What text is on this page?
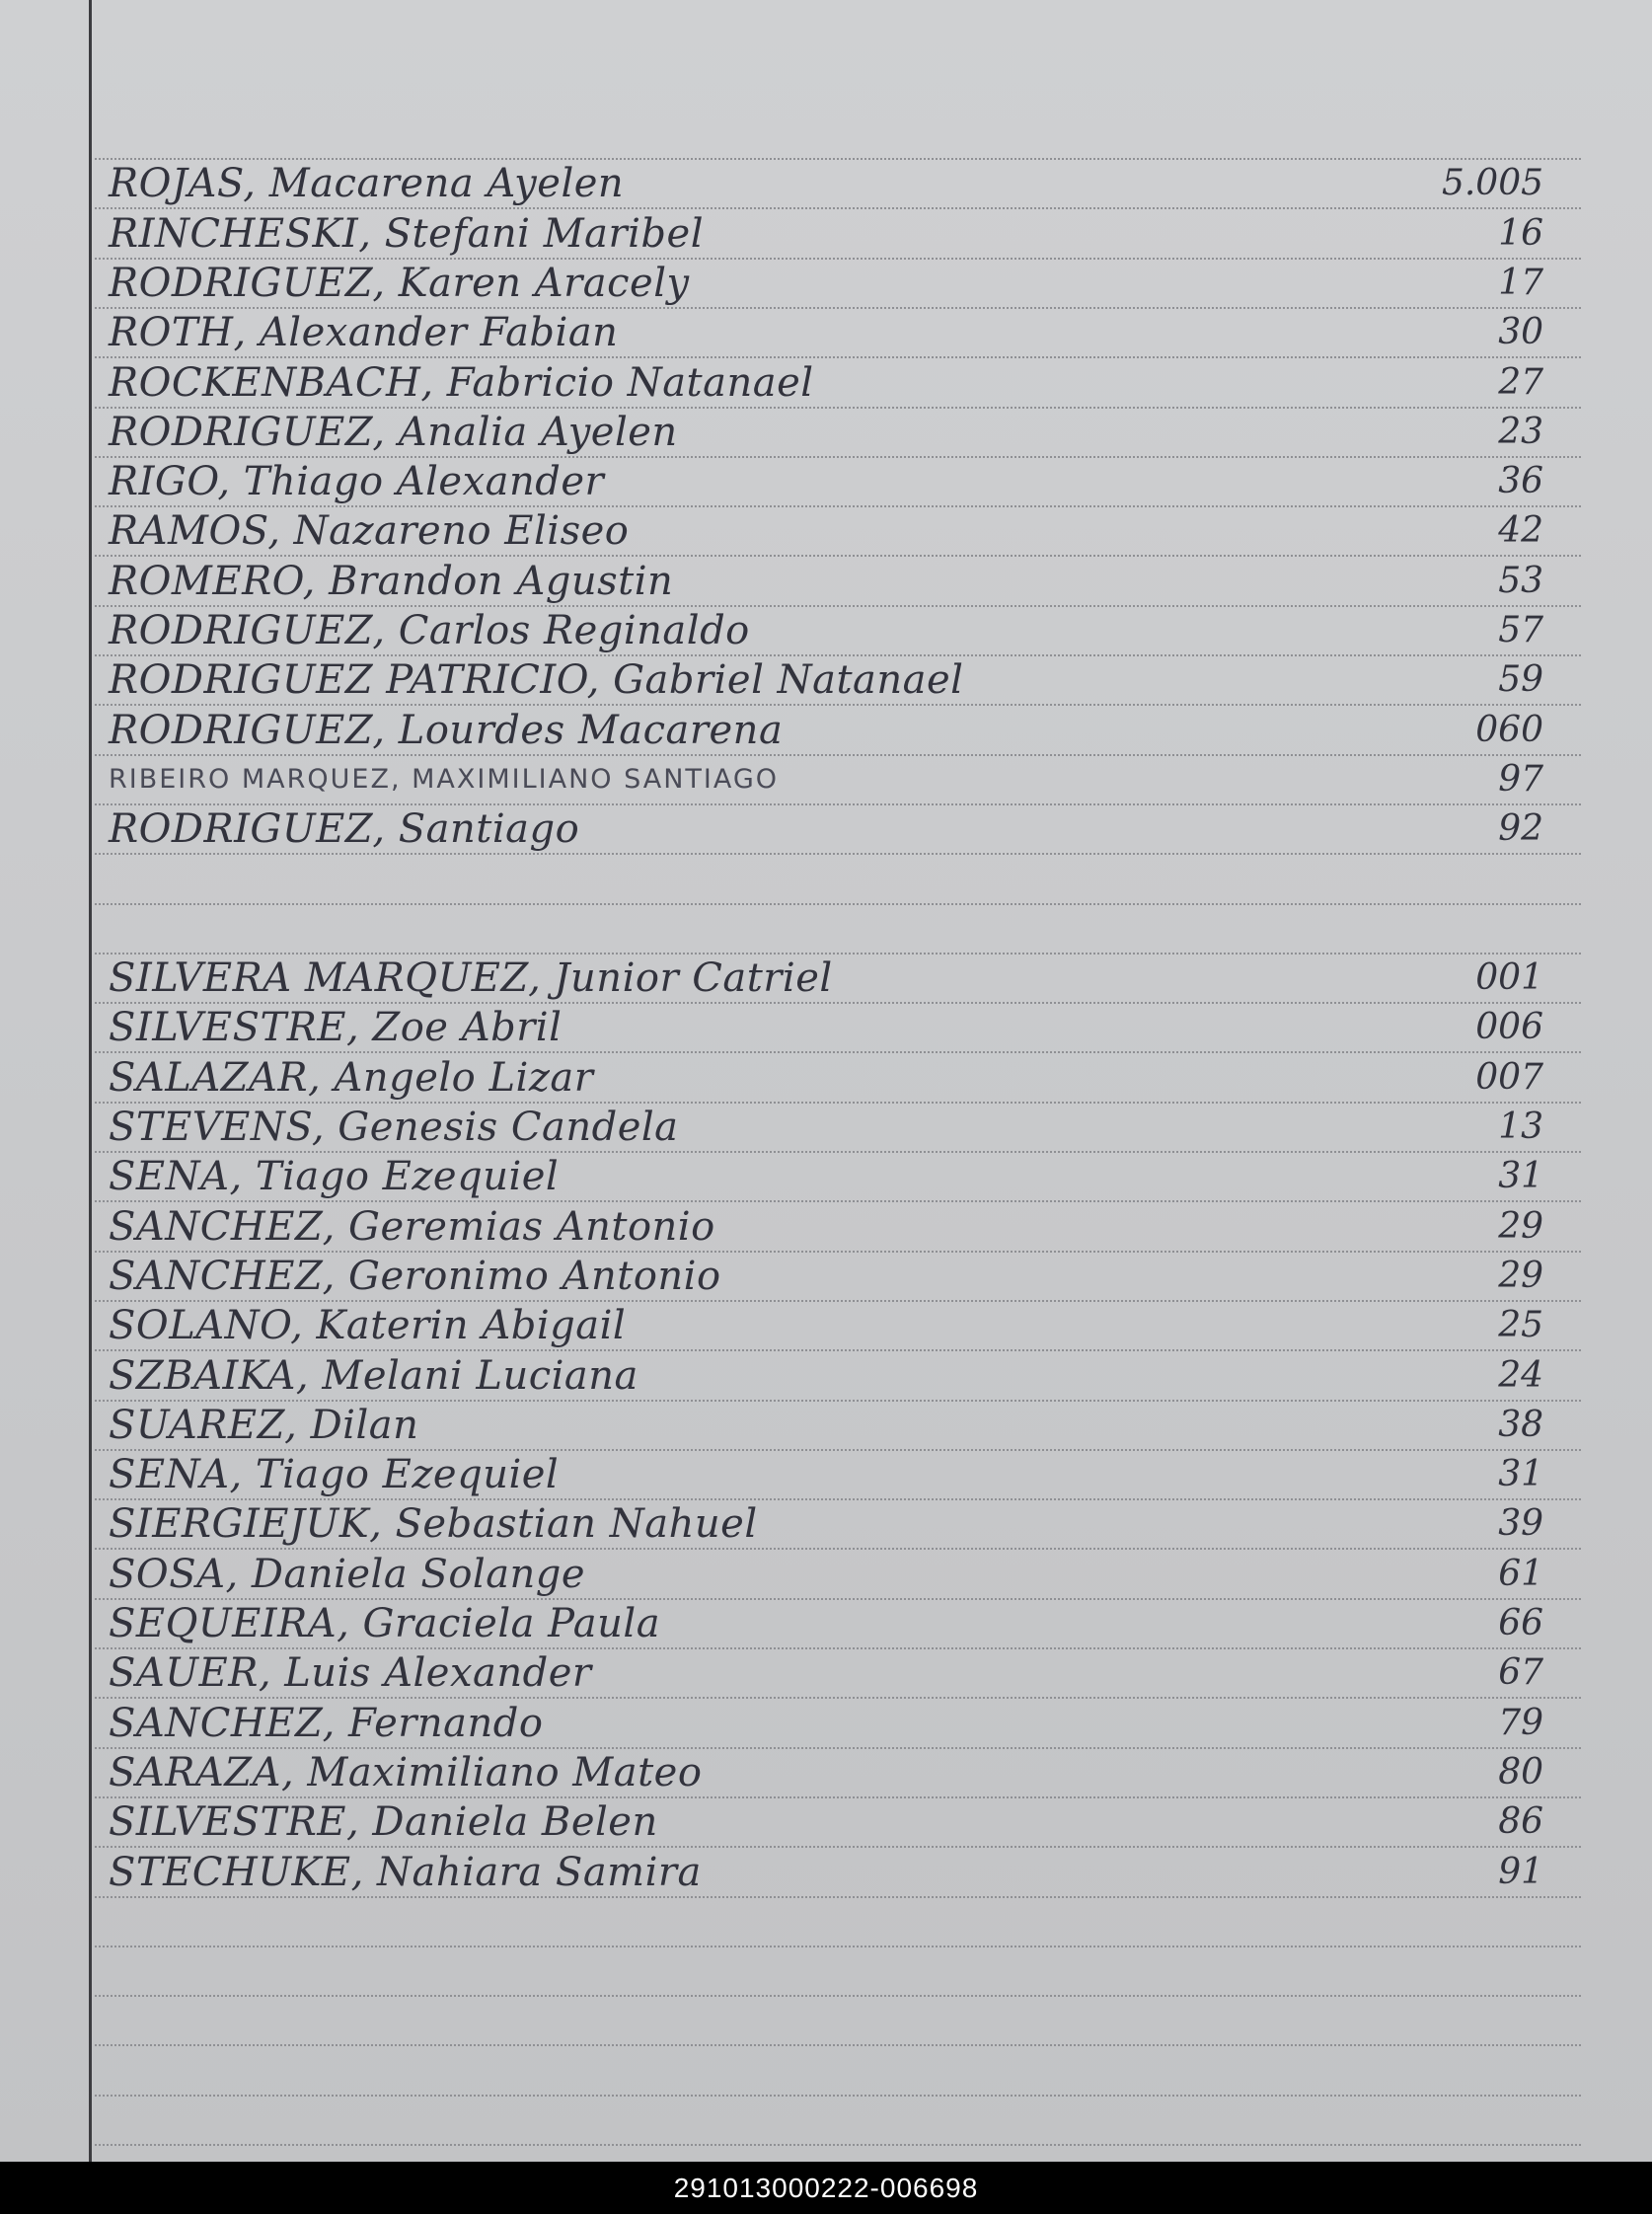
ROJAS, Macarena Ayelen	5.005
RINCHESKI, Stefani Maribel	16
RODRIGUEZ, Karen Aracely	17
ROTH, Alexander Fabian	30
ROCKENBACH, Fabricio Natanael	27
RODRIGUEZ, Analia Ayelen	23
RIGO, Thiago Alexander	36
RAMOS, Nazareno Eliseo	42
ROMERO, Brandon Agustin	53
RODRIGUEZ, Carlos Reginaldo	57
RODRIGUEZ PATRICIO, Gabriel Natanael	59
RODRIGUEZ, Lourdes Macarena	060
RIBEIRO MARQUEZ, MAXIMILIANO SANTIAGO	97
RODRIGUEZ, Santiago	92
SILVERA MARQUEZ, Junior Catriel	001
SILVESTRE, Zoe Abril	006
SALAZAR, Angelo Lizar	007
STEVENS, Genesis Candela	13
SENA, Tiago Ezequiel	31
SANCHEZ, Geremias Antonio	29
SANCHEZ, Geronimo Antonio	29
SOLANO, Katerin Abigail	25
SZBAIKA, Melani Luciana	24
SUAREZ, Dilan	38
SENA, Tiago Ezequiel	31
SIERGIEJUK, Sebastian Nahuel	39
SOSA, Daniela Solange	61
SEQUEIRA, Graciela Paula	66
SAUER, Luis Alexander	67
SANCHEZ, Fernando	79
SARAZA, Maximiliano Mateo	80
SILVESTRE, Daniela Belen	86
STECHUKE, Nahiara Samira	91
291013000222-006698
